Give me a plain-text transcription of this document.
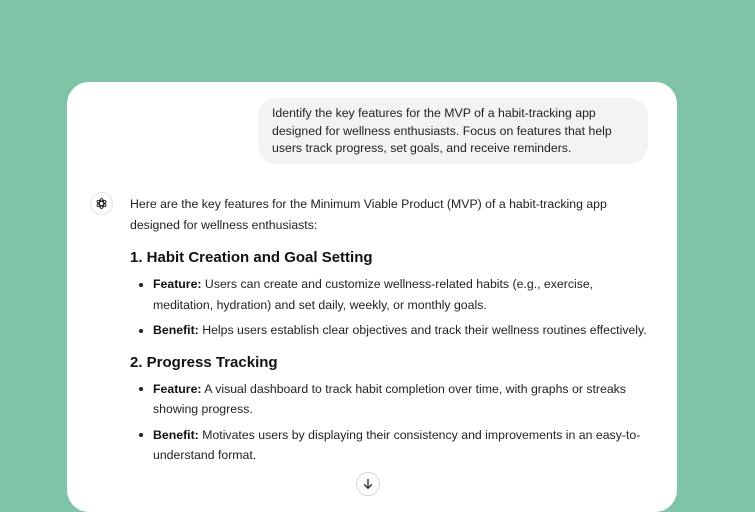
Identify the key features for the MVP of a habit-tracking app designed for wellness enthusiasts. Focus on features that help users track progress, set goals, and receive reminders.

Here are the key features for the Minimum Viable Product (MVP) of a habit-tracking app designed for wellness enthusiasts:

1. Habit Creation and Goal Setting
Feature: Users can create and customize wellness-related habits (e.g., exercise, meditation, hydration) and set daily, weekly, or monthly goals.
Benefit: Helps users establish clear objectives and track their wellness routines effectively.
2. Progress Tracking
Feature: A visual dashboard to track habit completion over time, with graphs or streaks showing progress.
Benefit: Motivates users by displaying their consistency and improvements in an easy-to-understand format.
